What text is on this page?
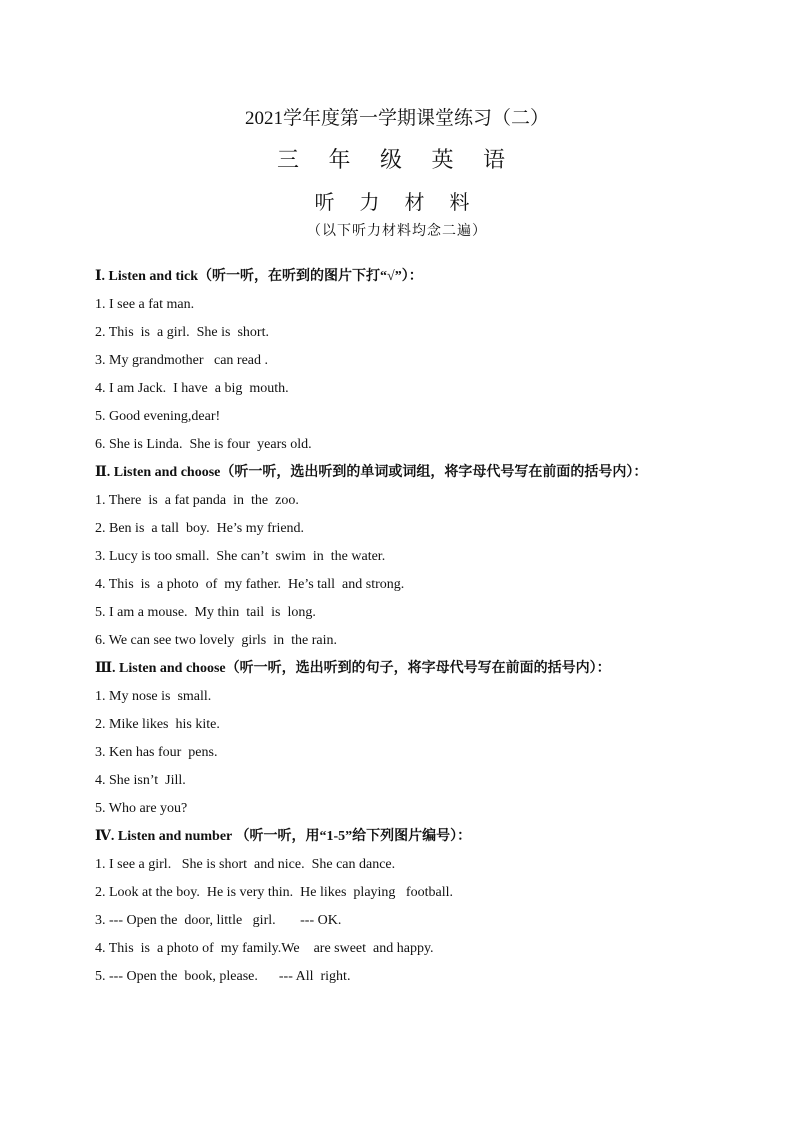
2021学年度第一学期课堂练习（二）
三 年 级 英 语
听 力 材 料
（以下听力材料均念二遍）
Ⅰ. Listen and tick（听一听，在听到的图片下打“√”）：
1. I see a fat man.
2. This  is  a girl.  She is  short.
3. My grandmother   can read .
4. I am Jack.  I have  a big  mouth.
5. Good evening,dear!
6. She is Linda.  She is four  years old.
Ⅱ. Listen and choose（听一听，选出听到的单词或词组，将字母代号写在前面的括号内）：
1. There  is  a fat panda  in  the  zoo.
2. Ben is  a tall  boy.  He’s my friend.
3. Lucy is too small.  She can’t  swim  in  the water.
4. This  is  a photo  of  my father.  He’s tall  and strong.
5. I am a mouse.  My thin  tail  is  long.
6. We can see two lovely  girls  in  the rain.
Ⅲ. Listen and choose（听一听，选出听到的句子，将字母代号写在前面的括号内）：
1. My nose is  small.
2. Mike likes  his kite.
3. Ken has four  pens.
4. She isn’t  Jill.
5. Who are you?
Ⅳ. Listen and number （听一听，用“1-5”给下列图片编号）：
1. I see a girl.   She is short  and nice.  She can dance.
2. Look at the boy.  He is very thin.  He likes  playing   football.
3. --- Open the  door, little   girl.       --- OK.
4. This  is  a photo of  my family.We    are sweet  and happy.
5. --- Open the  book, please.      --- All  right.
